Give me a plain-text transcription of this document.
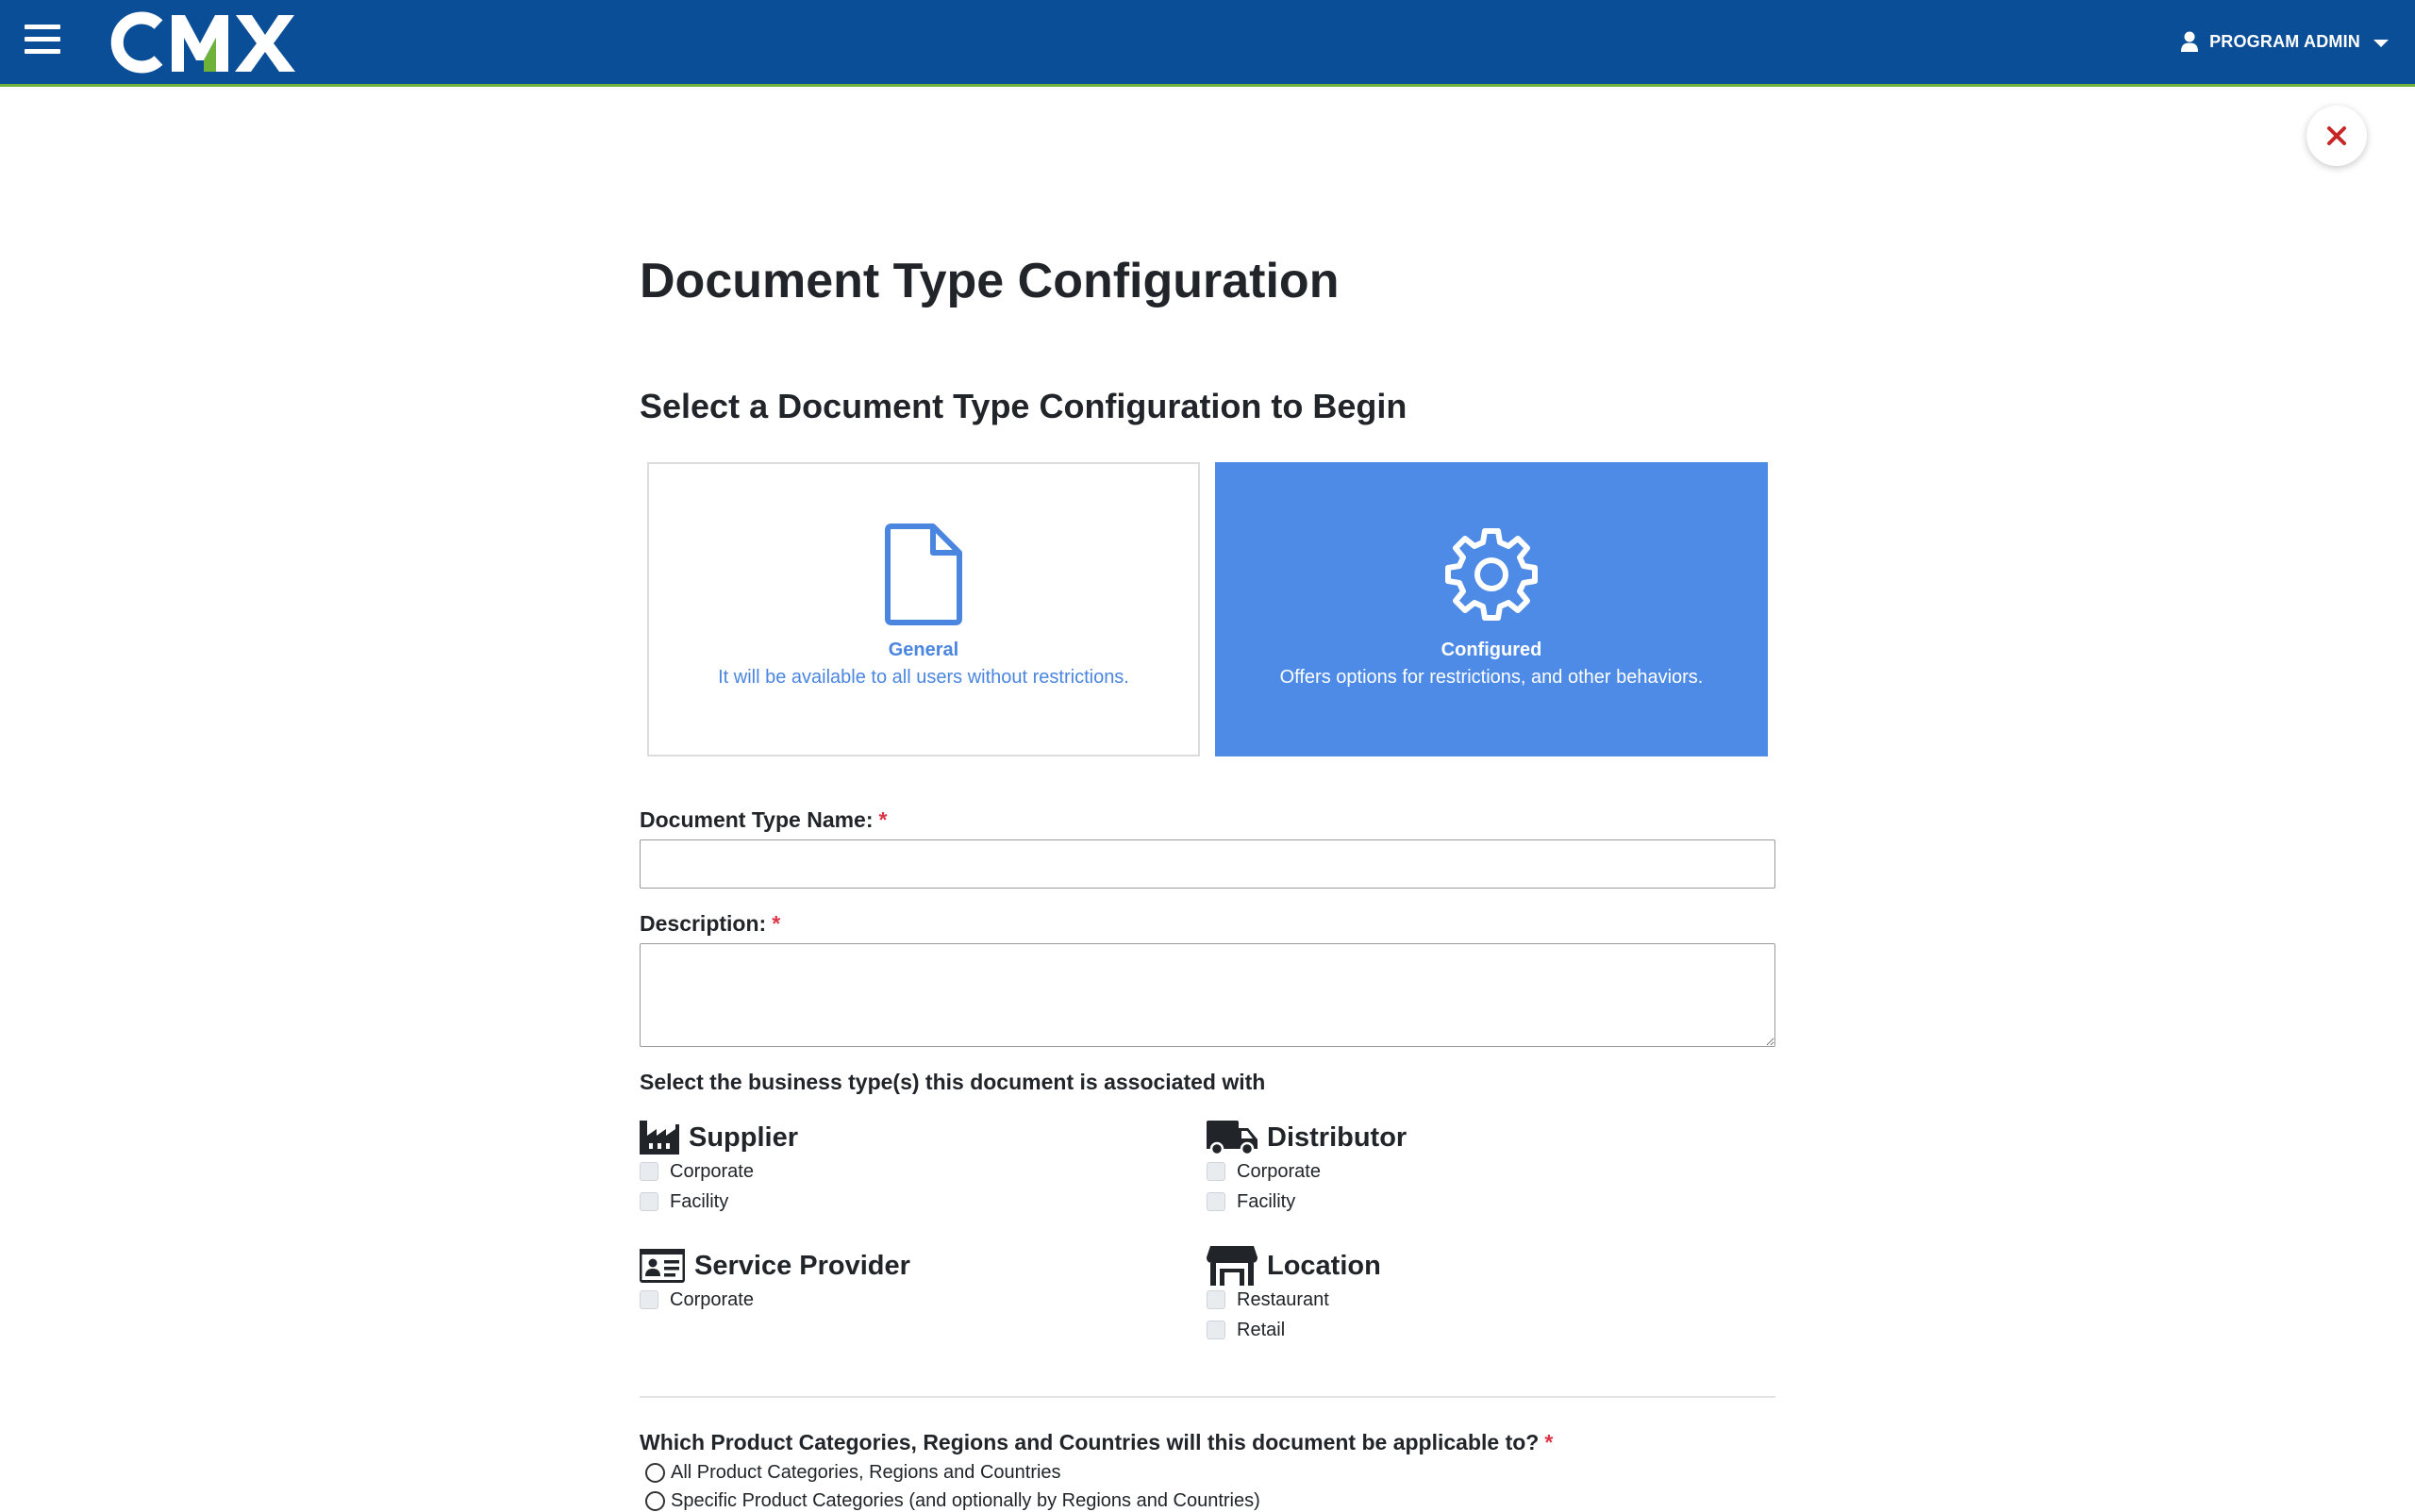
PROGRAM ADMIN
Document Type Configuration
Select a Document Type Configuration to Begin
General
It will be available to all users without restrictions.
Configured
Offers options for restrictions, and other behaviors.
Document Type Name: *
Description: *
Select the business type(s) this document is associated with
Supplier
Corporate
Facility
Distributor
Corporate
Facility
Service Provider
Corporate
Location
Restaurant
Retail
Which Product Categories, Regions and Countries will this document be applicable to? *
All Product Categories, Regions and Countries
Specific Product Categories (and optionally by Regions and Countries)
